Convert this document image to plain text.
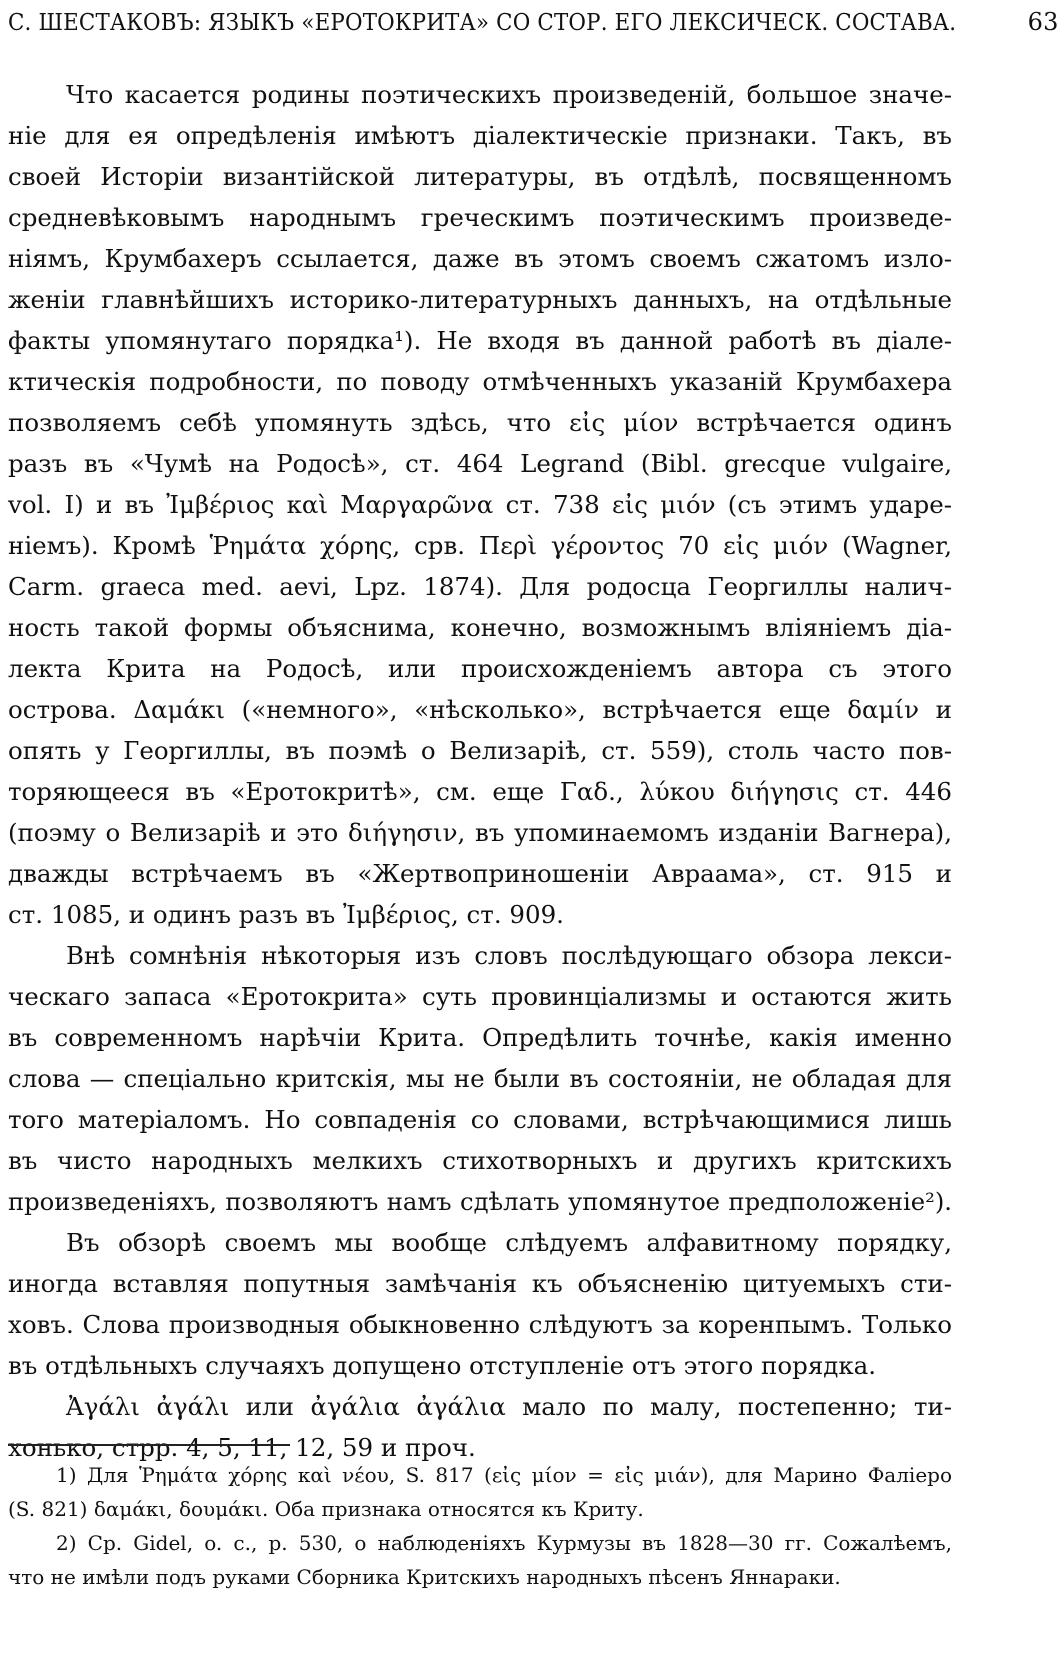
С. ШЕСТАКОВЪ: ЯЗЫКЪ «ЕРОТОКРИТА» СО СТОР. ЕГО ЛЕКСИЧЕСК. СОСТАВА.	63
Что касается родины поэтическихъ произведеній, большое значе-
ніе для ея опредѣленія имѣютъ діалектическіе признаки. Такъ, въ
своей Исторіи византійской литературы, въ отдѣлѣ, посвященномъ
средневѣковымъ народнымъ греческимъ поэтическимъ произведе-
ніямъ, Крумбахеръ ссылается, даже въ этомъ своемъ сжатомъ изло-
женіи главнѣйшихъ историко-литературныхъ данныхъ, на отдѣльные
факты упомянутаго порядка¹). Не входя въ данной работѣ въ діале-
ктическія подробности, по поводу отмѣченныхъ указаній Крумбахера
позволяемъ себѣ упомянуть здѣсь, что εἰς μίον встрѣчается одинъ
разъ въ «Чумѣ на Родосѣ», ст. 464 Legrand (Bibl. grecque vulgaire,
vol. I) и въ Ἰμβέριος καὶ Μαργαρῶνα ст. 738 εἰς μιόν (съ этимъ ударе-
ніемъ). Кромѣ Ῥημάτα χόρης, срв. Περὶ γέροντος 70 εἰς μιόν (Wagner,
Carm. graeca med. aevi, Lpz. 1874). Для родосца Георгиллы налич-
ность такой формы объяснима, конечно, возможнымъ вліяніемъ діа-
лекта Крита на Родосѣ, или происхожденіемъ автора съ этого
острова. Δαμάκι («немного», «нѣсколько», встрѣчается еще δαμίν и
опять у Георгиллы, въ поэмѣ о Велизаріѣ, ст. 559), столь часто пов-
торяющееся въ «Еротокритѣ», см. еще Γαδ., λύκου διήγησις ст. 446
(поэму о Велизаріѣ и это διήγησιν, въ упоминаемомъ изданіи Вагнера),
дважды встрѣчаемъ въ «Жертвоприношеніи Авраама», ст. 915 и
ст. 1085, и одинъ разъ въ Ἰμβέριος, ст. 909.
Внѣ сомнѣнія нѣкоторыя изъ словъ послѣдующаго обзора лекси-
ческаго запаса «Еротокрита» суть провинціализмы и остаются жить
въ современномъ нарѣчіи Крита. Опредѣлить точнѣе, какія именно
слова — спеціально критскія, мы не были въ состояніи, не обладая для
того матеріаломъ. Но совпаденія со словами, встрѣчающимися лишь
въ чисто народныхъ мелкихъ стихотворныхъ и другихъ критскихъ
произведеніяхъ, позволяютъ намъ сдѣлать упомянутое предположеніе²).
Въ обзорѣ своемъ мы вообще слѣдуемъ алфавитному порядку,
иногда вставляя попутныя замѣчанія къ объясненію цитуемыхъ сти-
ховъ. Слова производныя обыкновенно слѣдуютъ за коренпымъ. Только
въ отдѣльныхъ случаяхъ допущено отступленіе отъ этого порядка.
Ἀγάλι ἀγάλι или ἀγάλια ἀγάλια мало по малу, постепенно; ти-
хонько, стрр. 4, 5, 11, 12, 59 и проч.
1) Для Ῥημάτα χόρης καὶ νέου, S. 817 (εἰς μίον = εἰς μιάν), для Марино Фаліеро
(S. 821) δαμάκι, δουμάκι. Оба признака относятся къ Криту.
2) Ср. Gidel, o. c., p. 530, о наблюденіяхъ Курмузы въ 1828—30 гг. Сожалѣемъ,
что не имѣли подъ руками Сборника Критскихъ народныхъ пѣсенъ Яннараки.
